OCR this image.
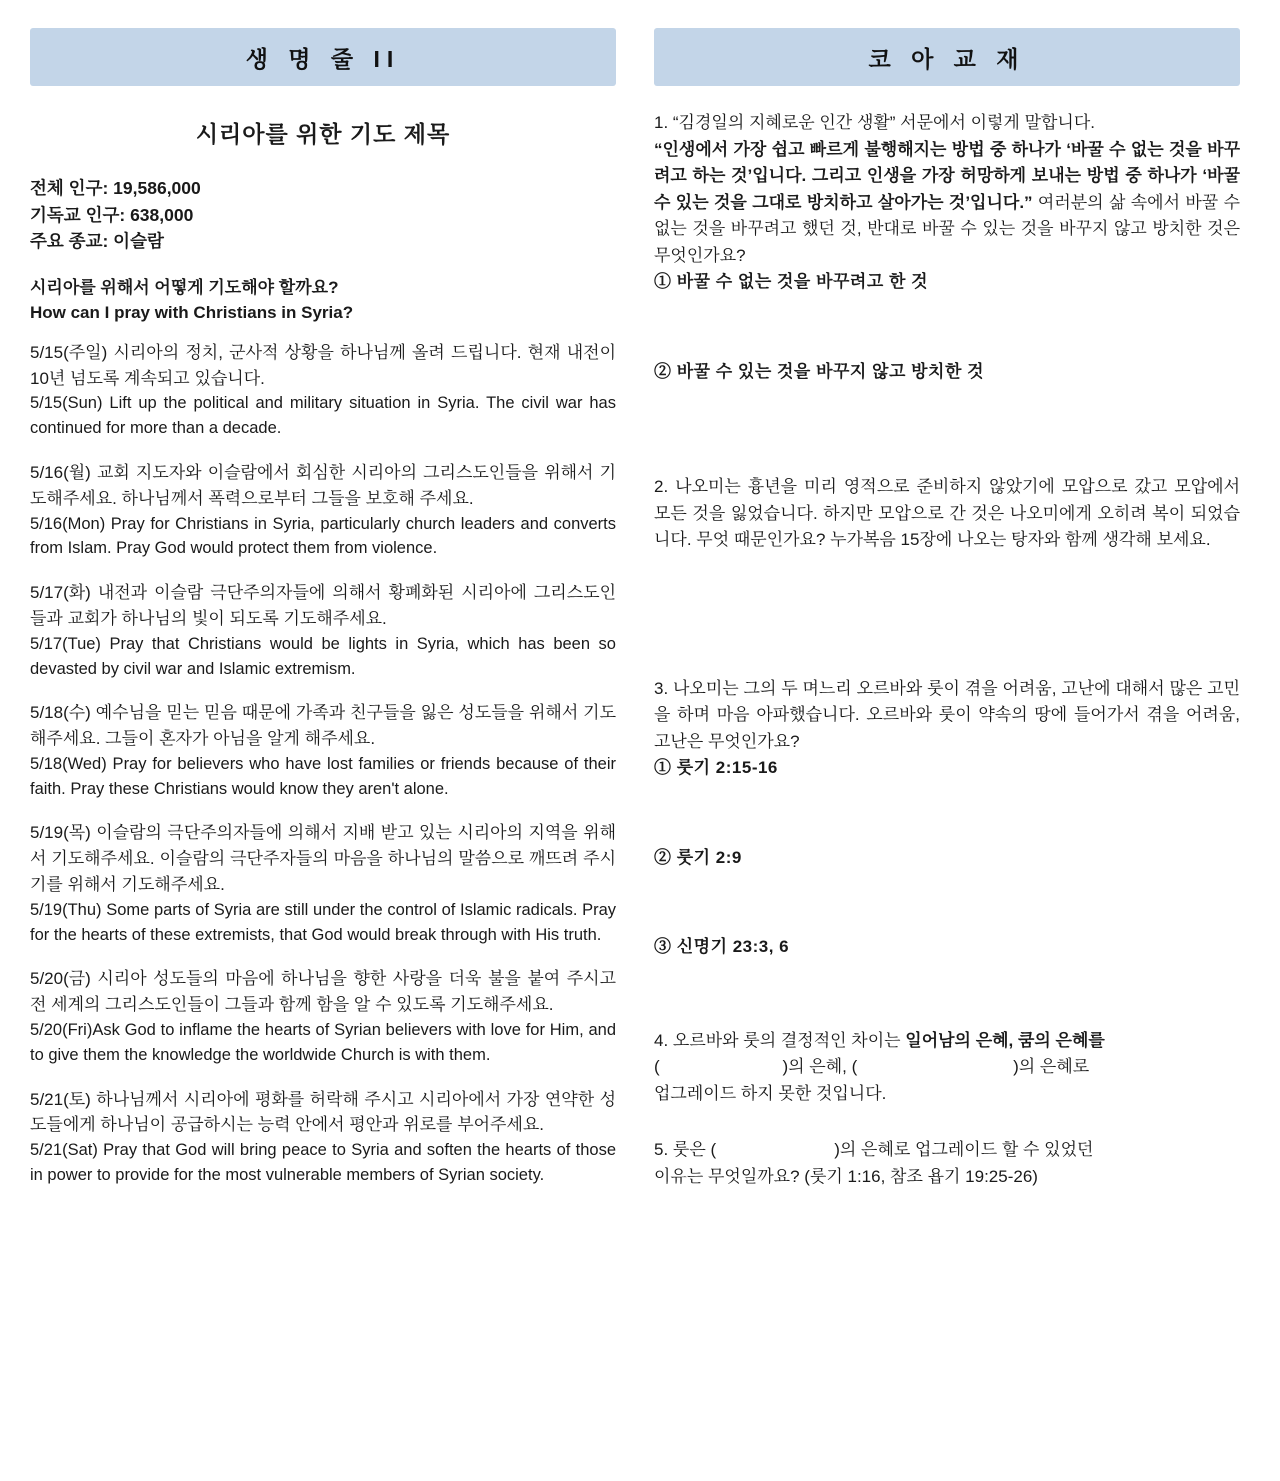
생 명 줄 II
시리아를 위한 기도 제목
전체 인구: 19,586,000
기독교 인구: 638,000
주요 종교: 이슬람
시리아를 위해서 어떻게 기도해야 할까요?
How can I pray with Christians in Syria?

5/15(주일) 시리아의 정치, 군사적 상황을 하나님께 올려 드립니다. 현재 내전이 10년 넘도록 계속되고 있습니다.

5/15(Sun) Lift up the political and military situation in Syria. The civil war has continued for more than a decade.

5/16(월) 교회 지도자와 이슬람에서 회심한 시리아의 그리스도인들을 위해서 기도해주세요. 하나님께서 폭력으로부터 그들을 보호해 주세요.

5/16(Mon) Pray for Christians in Syria, particularly church leaders and converts from Islam. Pray God would protect them from violence.

5/17(화) 내전과 이슬람 극단주의자들에 의해서 황폐화된 시리아에 그리스도인들과 교회가 하나님의 빛이 되도록 기도해주세요.

5/17(Tue) Pray that Christians would be lights in Syria, which has been so devasted by civil war and Islamic extremism.

5/18(수) 예수님을 믿는 믿음 때문에 가족과 친구들을 잃은 성도들을 위해서 기도해주세요. 그들이 혼자가 아님을 알게 해주세요.

5/18(Wed) Pray for believers who have lost families or friends because of their faith. Pray these Christians would know they aren't alone.

5/19(목) 이슬람의 극단주의자들에 의해서 지배 받고 있는 시리아의 지역을 위해서 기도해주세요. 이슬람의 극단주자들의 마음을 하나님의 말씀으로 깨뜨려 주시기를 위해서 기도해주세요.

5/19(Thu) Some parts of Syria are still under the control of Islamic radicals. Pray for the hearts of these extremists, that God would break through with His truth.

5/20(금) 시리아 성도들의 마음에 하나님을 향한 사랑을 더욱 불을 붙여 주시고 전 세계의 그리스도인들이 그들과 함께 함을 알 수 있도록 기도해주세요.

5/20(Fri)Ask God to inflame the hearts of Syrian believers with love for Him, and to give them the knowledge the worldwide Church is with them.

5/21(토) 하나님께서 시리아에 평화를 허락해 주시고 시리아에서 가장 연약한 성도들에게 하나님이 공급하시는 능력 안에서 평안과 위로를 부어주세요.

5/21(Sat) Pray that God will bring peace to Syria and soften the hearts of those in power to provide for the most vulnerable members of Syrian society.

코 아 교 재

1. “김경일의 지혜로운 인간 생활” 서문에서 이렇게 말합니다.
“인생에서 가장 쉽고 빠르게 불행해지는 방법 중 하나가 ‘바꿀 수 없는 것을 바꾸려고 하는 것’입니다. 그리고 인생을 가장 허망하게 보내는 방법 중 하나가 ‘바꿀 수 있는 것을 그대로 방치하고 살아가는 것’입니다.” 여러분의 삶 속에서 바꿀 수 없는 것을 바꾸려고 했던 것, 반대로 바꿀 수 있는 것을 바꾸지 않고 방치한 것은 무엇인가요?

① 바꿀 수 없는 것을 바꾸려고 한 것

② 바꿀 수 있는 것을 바꾸지 않고 방치한 것

2. 나오미는 흉년을 미리 영적으로 준비하지 않았기에 모압으로 갔고 모압에서 모든 것을 잃었습니다. 하지만 모압으로 간 것은 나오미에게 오히려 복이 되었습니다. 무엇 때문인가요? 누가복음 15장에 나오는 탕자와 함께 생각해 보세요.

3. 나오미는 그의 두 며느리 오르바와 룻이 겪을 어려움, 고난에 대해서 많은 고민을 하며 마음 아파했습니다. 오르바와 룻이 약속의 땅에 들어가서 겪을 어려움, 고난은 무엇인가요?

① 룻기 2:15-16

② 룻기 2:9

③ 신명기 23:3, 6

4. 오르바와 룻의 결정적인 차이는 일어남의 은혜, 쿰의 은혜를
(	)의 은혜, (	)의 은혜로
업그레이드 하지 못한 것입니다.

5. 룻은 (	)의 은혜로 업그레이드 할 수 있었던
이유는 무엇일까요? (룻기 1:16, 참조 욥기 19:25-26)
